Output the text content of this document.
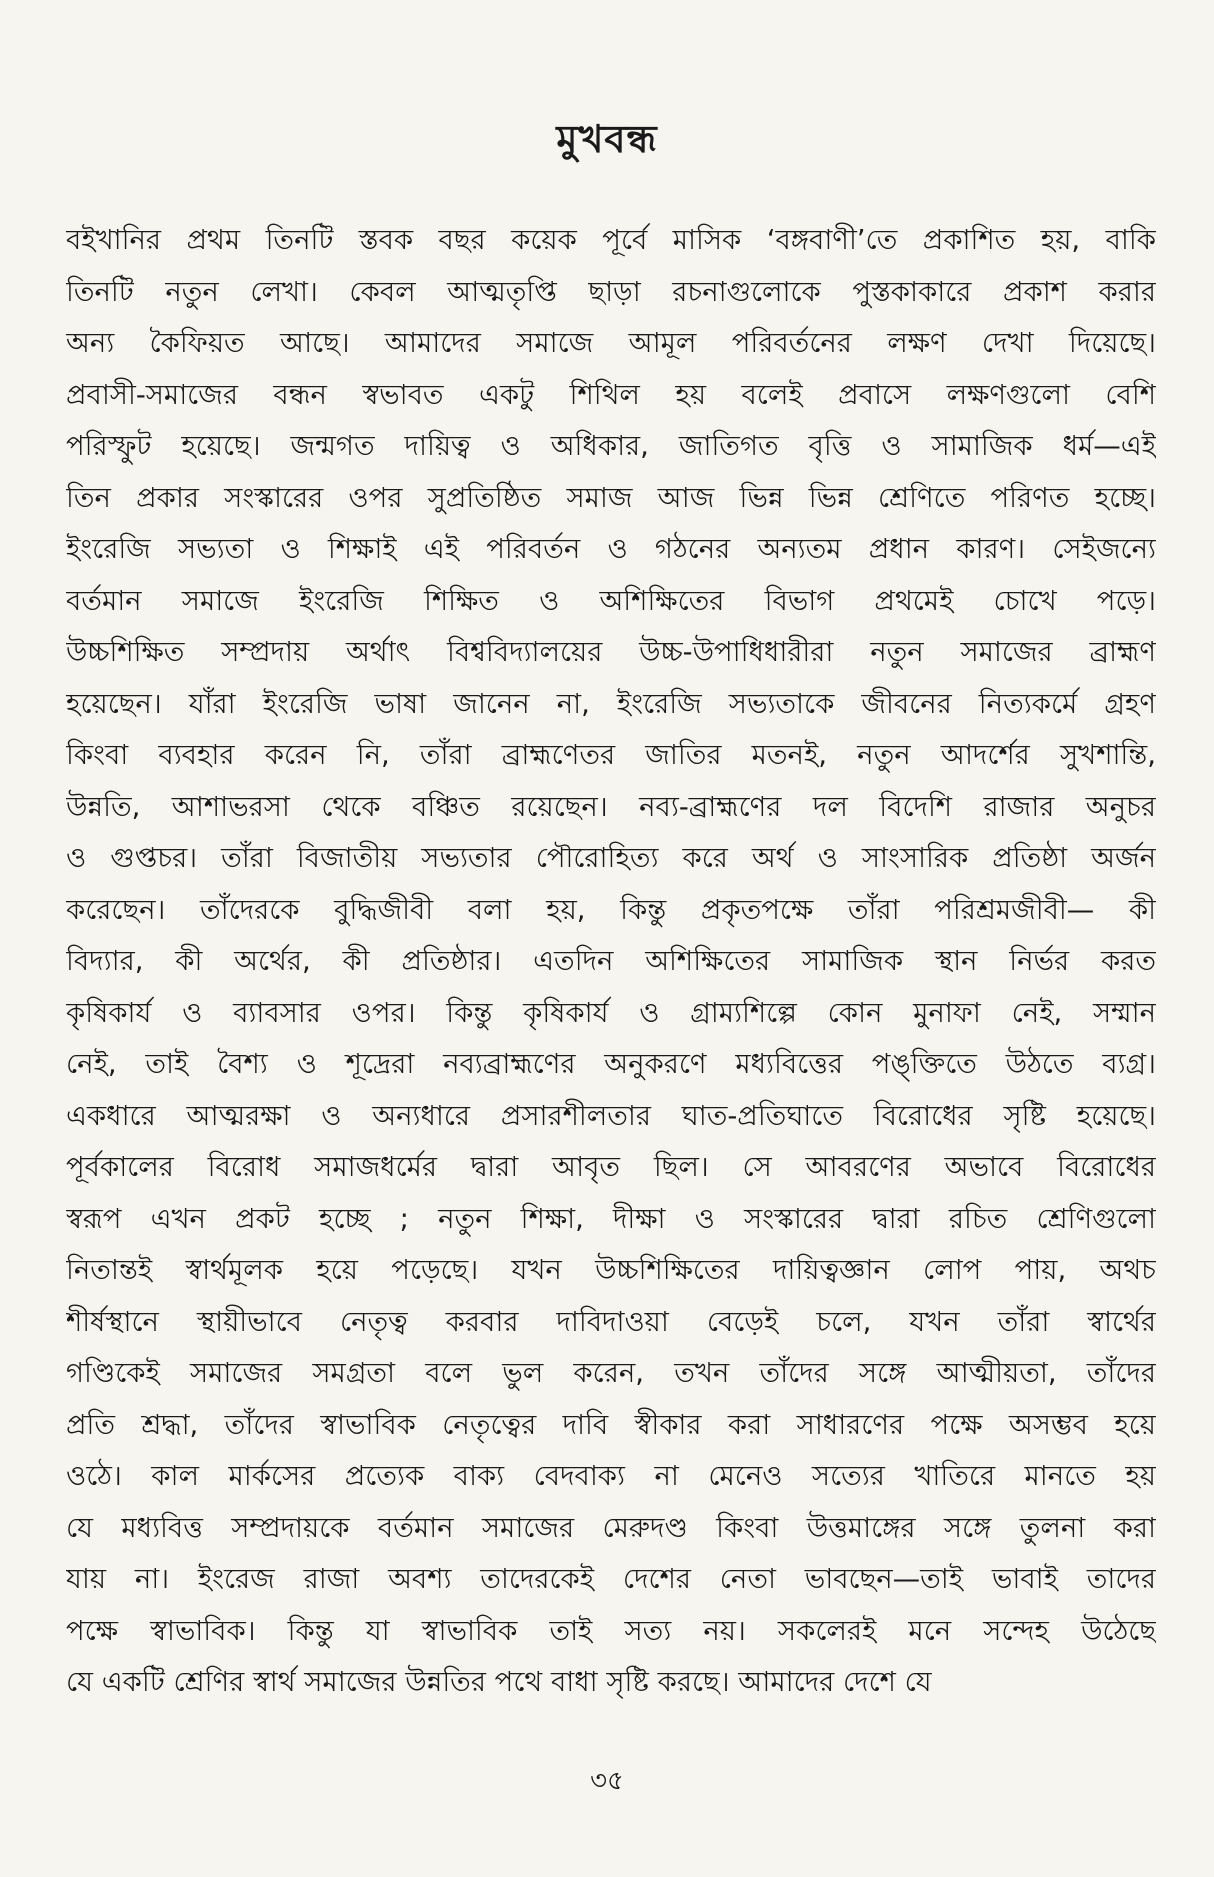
মুখবন্ধ
বইখানির প্রথম তিনটি স্তবক বছর কয়েক পূর্বে মাসিক ‘বঙ্গবাণী’তে প্রকাশিত হয়, বাকি
তিনটি নতুন লেখা। কেবল আত্মতৃপ্তি ছাড়া রচনাগুলোকে পুস্তকাকারে প্রকাশ করার
অন্য কৈফিয়ত আছে। আমাদের সমাজে আমূল পরিবর্তনের লক্ষণ দেখা দিয়েছে।
প্রবাসী-সমাজের বন্ধন স্বভাবত একটু শিথিল হয় বলেই প্রবাসে লক্ষণগুলো বেশি
পরিস্ফুট হয়েছে। জন্মগত দায়িত্ব ও অধিকার, জাতিগত বৃত্তি ও সামাজিক ধর্ম—এই
তিন প্রকার সংস্কারের ওপর সুপ্রতিষ্ঠিত সমাজ আজ ভিন্ন ভিন্ন শ্রেণিতে পরিণত হচ্ছে।
ইংরেজি সভ্যতা ও শিক্ষাই এই পরিবর্তন ও গঠনের অন্যতম প্রধান কারণ। সেইজন্যে
বর্তমান সমাজে ইংরেজি শিক্ষিত ও অশিক্ষিতের বিভাগ প্রথমেই চোখে পড়ে।
উচ্চশিক্ষিত সম্প্রদায় অর্থাৎ বিশ্ববিদ্যালয়ের উচ্চ-উপাধিধারীরা নতুন সমাজের ব্রাহ্মণ
হয়েছেন। যাঁরা ইংরেজি ভাষা জানেন না, ইংরেজি সভ্যতাকে জীবনের নিত্যকর্মে গ্রহণ
কিংবা ব্যবহার করেন নি, তাঁরা ব্রাহ্মণেতর জাতির মতনই, নতুন আদর্শের সুখশান্তি,
উন্নতি, আশাভরসা থেকে বঞ্চিত রয়েছেন। নব্য-ব্রাহ্মণের দল বিদেশি রাজার অনুচর
ও গুপ্তচর। তাঁরা বিজাতীয় সভ্যতার পৌরোহিত্য করে অর্থ ও সাংসারিক প্রতিষ্ঠা অর্জন
করেছেন। তাঁদেরকে বুদ্ধিজীবী বলা হয়, কিন্তু প্রকৃতপক্ষে তাঁরা পরিশ্রমজীবী— কী
বিদ্যার, কী অর্থের, কী প্রতিষ্ঠার। এতদিন অশিক্ষিতের সামাজিক স্থান নির্ভর করত
কৃষিকার্য ও ব্যাবসার ওপর। কিন্তু কৃষিকার্য ও গ্রাম্যশিল্পে কোন মুনাফা নেই, সম্মান
নেই, তাই বৈশ্য ও শূদ্রেরা নব্যব্রাহ্মণের অনুকরণে মধ্যবিত্তের পঙ্‌ক্তিতে উঠতে ব্যগ্র।
একধারে আত্মরক্ষা ও অন্যধারে প্রসারশীলতার ঘাত-প্রতিঘাতে বিরোধের সৃষ্টি হয়েছে।
পূর্বকালের বিরোধ সমাজধর্মের দ্বারা আবৃত ছিল। সে আবরণের অভাবে বিরোধের
স্বরূপ এখন প্রকট হচ্ছে ; নতুন শিক্ষা, দীক্ষা ও সংস্কারের দ্বারা রচিত শ্রেণিগুলো
নিতান্তই স্বার্থমূলক হয়ে পড়েছে। যখন উচ্চশিক্ষিতের দায়িত্বজ্ঞান লোপ পায়, অথচ
শীর্ষস্থানে স্থায়ীভাবে নেতৃত্ব করবার দাবিদাওয়া বেড়েই চলে, যখন তাঁরা স্বার্থের
গণ্ডিকেই সমাজের সমগ্রতা বলে ভুল করেন, তখন তাঁদের সঙ্গে আত্মীয়তা, তাঁদের
প্রতি শ্রদ্ধা, তাঁদের স্বাভাবিক নেতৃত্বের দাবি স্বীকার করা সাধারণের পক্ষে অসম্ভব হয়ে
ওঠে। কাল মার্কসের প্রত্যেক বাক্য বেদবাক্য না মেনেও সত্যের খাতিরে মানতে হয়
যে মধ্যবিত্ত সম্প্রদায়কে বর্তমান সমাজের মেরুদণ্ড কিংবা উত্তমাঙ্গের সঙ্গে তুলনা করা
যায় না। ইংরেজ রাজা অবশ্য তাদেরকেই দেশের নেতা ভাবছেন—তাই ভাবাই তাদের
পক্ষে স্বাভাবিক। কিন্তু যা স্বাভাবিক তাই সত্য নয়। সকলেরই মনে সন্দেহ উঠেছে
যে একটি শ্রেণির স্বার্থ সমাজের উন্নতির পথে বাধা সৃষ্টি করছে। আমাদের দেশে যে
৩৫
